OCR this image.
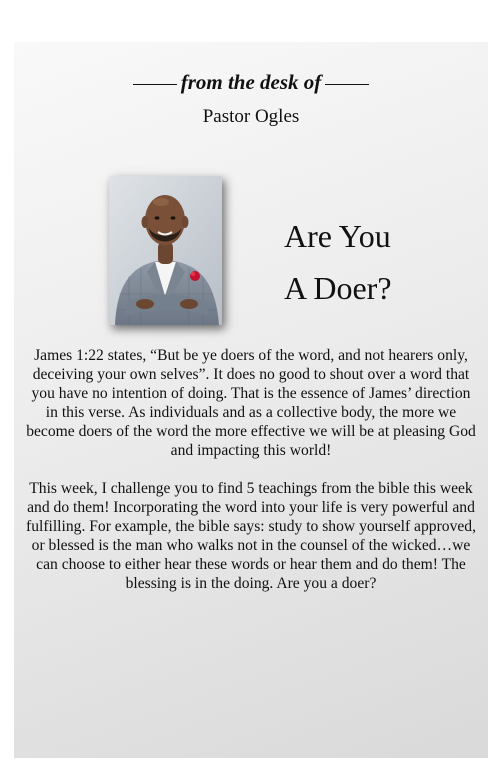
from the desk of
Pastor Ogles
Are You
A Doer?

James 1:22 states, “But be ye doers of the word, and not hearers only, deceiving your own selves”. It does no good to shout over a word that you have no intention of doing. That is the essence of James’ direction in this verse. As individuals and as a collective body, the more we become doers of the word the more effective we will be at pleasing God and impacting this world!

This week, I challenge you to find 5 teachings from the bible this week and do them! Incorporating the word into your life is very powerful and fulfilling. For example, the bible says: study to show yourself approved, or blessed is the man who walks not in the counsel of the wicked…we can choose to either hear these words or hear them and do them! The blessing is in the doing. Are you a doer?
